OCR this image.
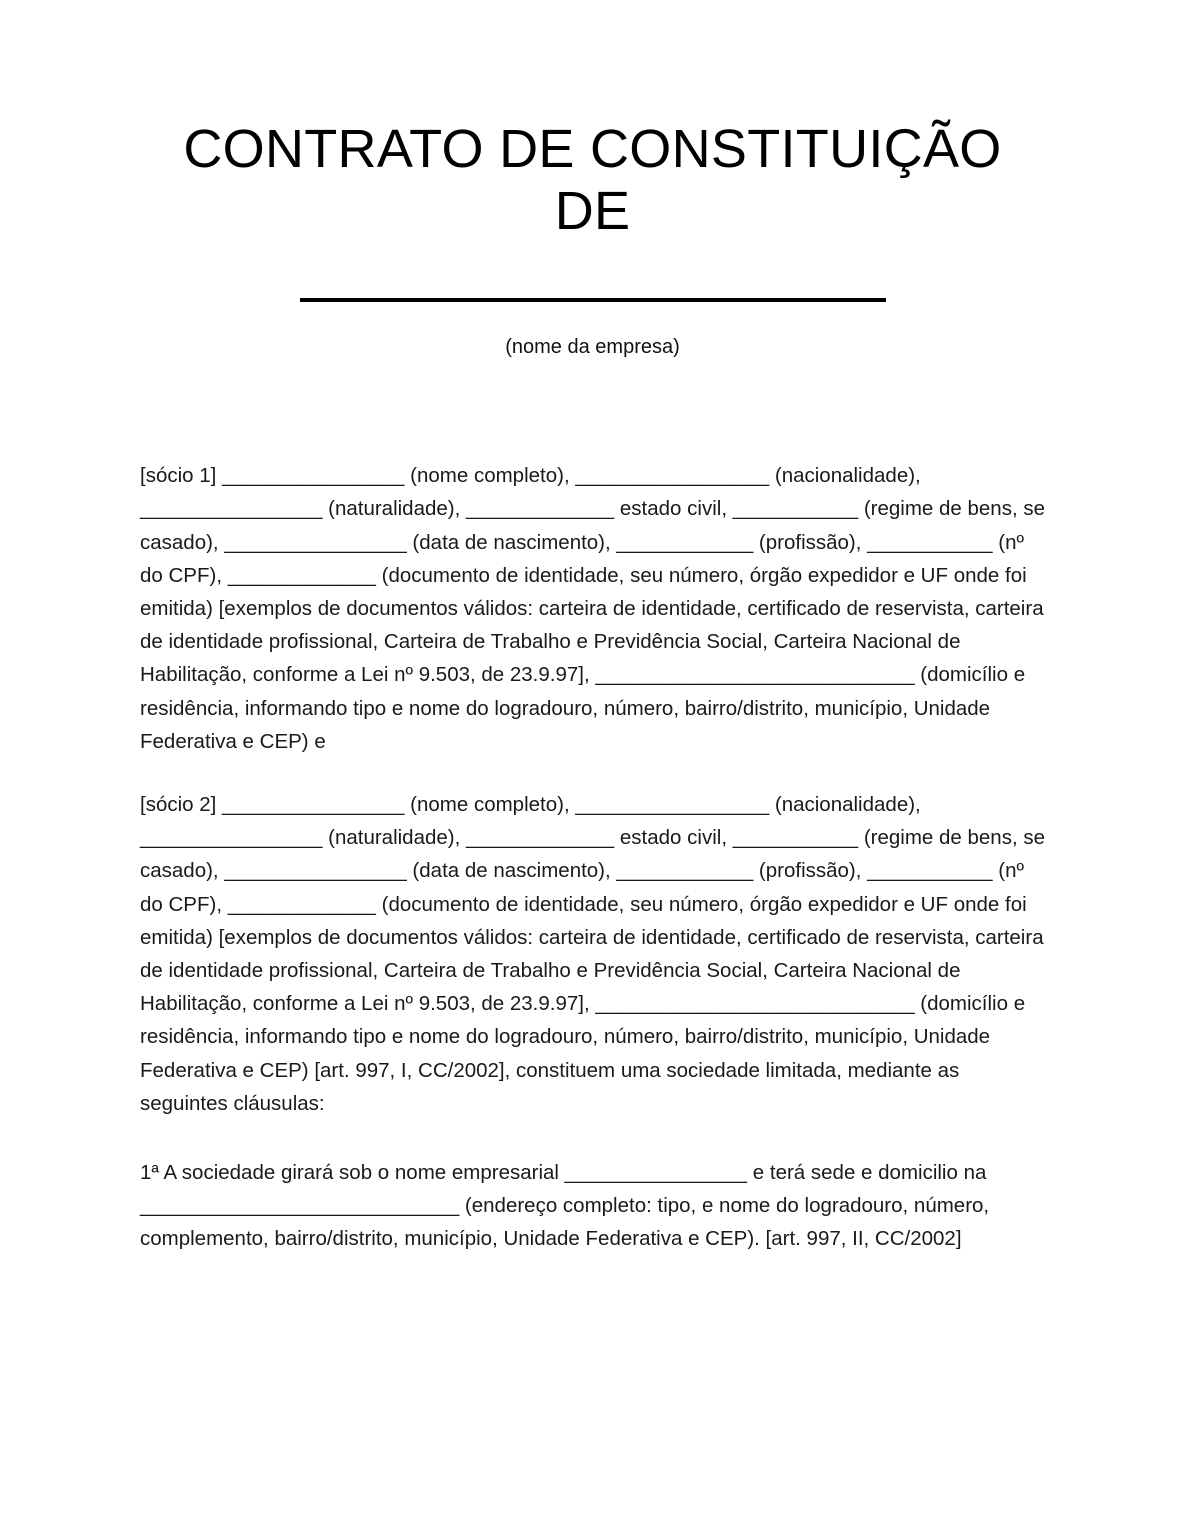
CONTRATO DE CONSTITUIÇÃO DE
(nome da empresa)

[sócio 1] ________________ (nome completo), _________________ (nacionalidade), ________________ (naturalidade), _____________ estado civil, ___________ (regime de bens, se casado), ________________ (data de nascimento), ____________ (profissão), ___________ (nº do CPF), _____________ (documento de identidade, seu número, órgão expedidor e UF onde foi emitida) [exemplos de documentos válidos: carteira de identidade, certificado de reservista, carteira de identidade profissional, Carteira de Trabalho e Previdência Social, Carteira Nacional de Habilitação, conforme a Lei nº 9.503, de 23.9.97], ____________________________ (domicílio e residência, informando tipo e nome do logradouro, número, bairro/distrito, município, Unidade Federativa e CEP) e

[sócio 2] ________________ (nome completo), _________________ (nacionalidade), ________________ (naturalidade), _____________ estado civil, ___________ (regime de bens, se casado), ________________ (data de nascimento), ____________ (profissão), ___________ (nº do CPF), _____________ (documento de identidade, seu número, órgão expedidor e UF onde foi emitida) [exemplos de documentos válidos: carteira de identidade, certificado de reservista, carteira de identidade profissional, Carteira de Trabalho e Previdência Social, Carteira Nacional de Habilitação, conforme a Lei nº 9.503, de 23.9.97], ____________________________ (domicílio e residência, informando tipo e nome do logradouro, número, bairro/distrito, município, Unidade Federativa e CEP) [art. 997, I, CC/2002], constituem uma sociedade limitada, mediante as seguintes cláusulas:

1ª A sociedade girará sob o nome empresarial ________________ e terá sede e domicilio na ____________________________ (endereço completo: tipo, e nome do logradouro, número, complemento, bairro/distrito, município, Unidade Federativa e CEP). [art. 997, II, CC/2002]
